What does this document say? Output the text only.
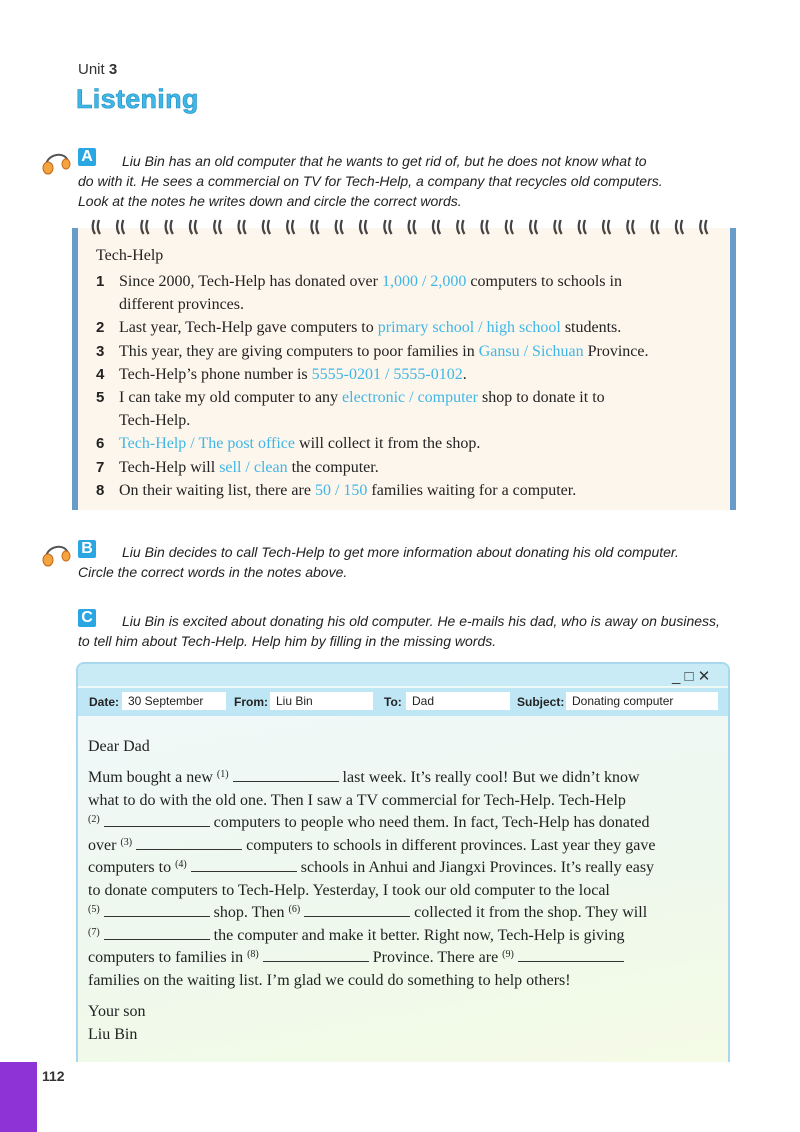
Unit 3
Listening
A Liu Bin has an old computer that he wants to get rid of, but he does not know what to
do with it. He sees a commercial on TV for Tech-Help, a company that recycles old computers.
Look at the notes he writes down and circle the correct words.
Tech-Help
1 Since 2000, Tech-Help has donated over 1,000 / 2,000 computers to schools in
different provinces.
2 Last year, Tech-Help gave computers to primary school / high school students.
3 This year, they are giving computers to poor families in Gansu / Sichuan Province.
4 Tech-Help’s phone number is 5555-0201 / 5555-0102.
5 I can take my old computer to any electronic / computer shop to donate it to
Tech-Help.
6 Tech-Help / The post office will collect it from the shop.
7 Tech-Help will sell / clean the computer.
8 On their waiting list, there are 50 / 150 families waiting for a computer.
B Liu Bin decides to call Tech-Help to get more information about donating his old computer.
Circle the correct words in the notes above.
C Liu Bin is excited about donating his old computer. He e-mails his dad, who is away on business,
to tell him about Tech-Help. Help him by filling in the missing words.
_ □ ✕
Date: 30 September	From: Liu Bin	To: Dad	Subject: Donating computer
Dear Dad
Mum bought a new $^{(1)}$	last week. It’s really cool! But we didn’t know
what to do with the old one. Then I saw a TV commercial for Tech-Help. Tech-Help
$^{(2)}$	computers to people who need them. In fact, Tech-Help has donated
over $^{(3)}$	computers to schools in different provinces. Last year they gave
computers to $^{(4)}$	schools in Anhui and Jiangxi Provinces. It’s really easy
to donate computers to Tech-Help. Yesterday, I took our old computer to the local
$^{(5)}$	shop. Then $^{(6)}$	collected it from the shop. They will
$^{(7)}$	the computer and make it better. Right now, Tech-Help is giving
computers to families in $^{(8)}$	Province. There are $^{(9)}$
families on the waiting list. I’m glad we could do something to help others!
Your son
Liu Bin
112
